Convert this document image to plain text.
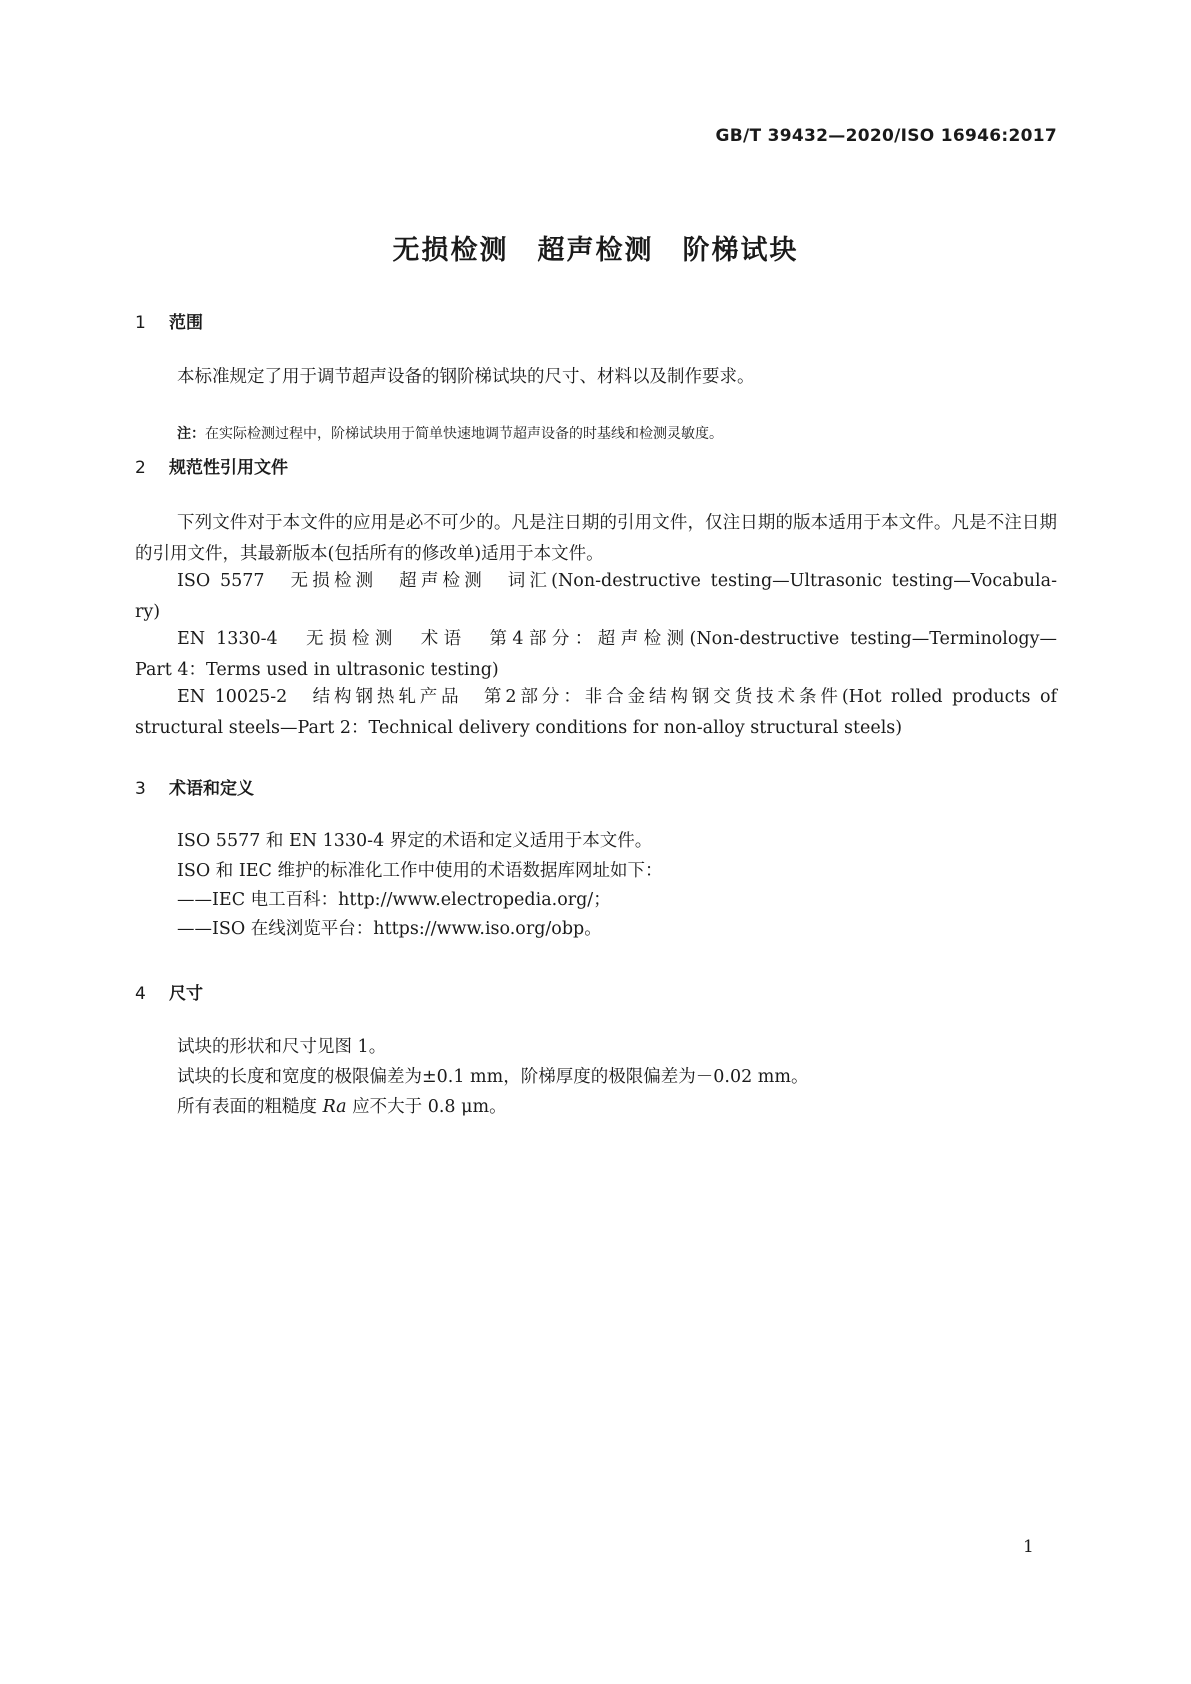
GB/T 39432—2020/ISO 16946:2017
无损检测　超声检测　阶梯试块
1 范围
本标准规定了用于调节超声设备的钢阶梯试块的尺寸、材料以及制作要求。
注：在实际检测过程中，阶梯试块用于简单快速地调节超声设备的时基线和检测灵敏度。
2 规范性引用文件
下列文件对于本文件的应用是必不可少的。凡是注日期的引用文件，仅注日期的版本适用于本文件。凡是不注日期的引用文件，其最新版本(包括所有的修改单)适用于本文件。
ISO 5577　无损检测　超声检测　词汇(Non-destructive testing—Ultrasonic testing—Vocabula-
ry)
EN 1330-4　无损检测　术语　第4部分：超声检测(Non-destructive testing—Terminology—
Part 4：Terms used in ultrasonic testing)
EN 10025-2　结构钢热轧产品　第2部分：非合金结构钢交货技术条件(Hot rolled products of
structural steels—Part 2：Technical delivery conditions for non-alloy structural steels)
3 术语和定义
ISO 5577 和 EN 1330-4 界定的术语和定义适用于本文件。
ISO 和 IEC 维护的标准化工作中使用的术语数据库网址如下：
——IEC 电工百科：http://www.electropedia.org/；
——ISO 在线浏览平台：https://www.iso.org/obp。
4 尺寸
试块的形状和尺寸见图 1。
试块的长度和宽度的极限偏差为±0.1 mm，阶梯厚度的极限偏差为－0.02 mm。
所有表面的粗糙度 Ra 应不大于 0.8 μm。
1
